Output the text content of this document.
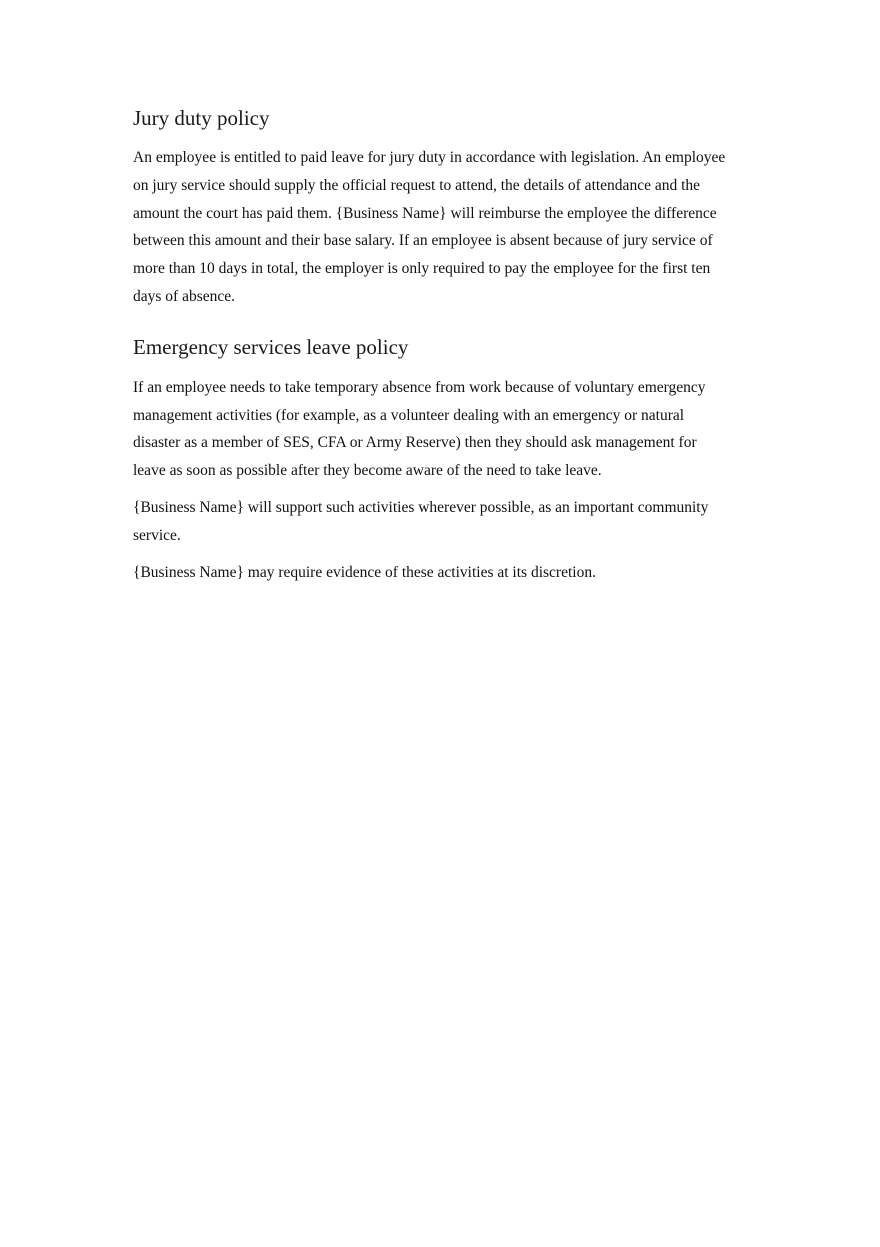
Jury duty policy

An employee is entitled to paid leave for jury duty in accordance with legislation. An employee on jury service should supply the official request to attend, the details of attendance and the amount the court has paid them. {Business Name} will reimburse the employee the difference between this amount and their base salary. If an employee is absent because of jury service of more than 10 days in total, the employer is only required to pay the employee for the first ten days of absence.

Emergency services leave policy

If an employee needs to take temporary absence from work because of voluntary emergency management activities (for example, as a volunteer dealing with an emergency or natural disaster as a member of SES, CFA or Army Reserve) then they should ask management for leave as soon as possible after they become aware of the need to take leave.

{Business Name} will support such activities wherever possible, as an important community service.

{Business Name} may require evidence of these activities at its discretion.
